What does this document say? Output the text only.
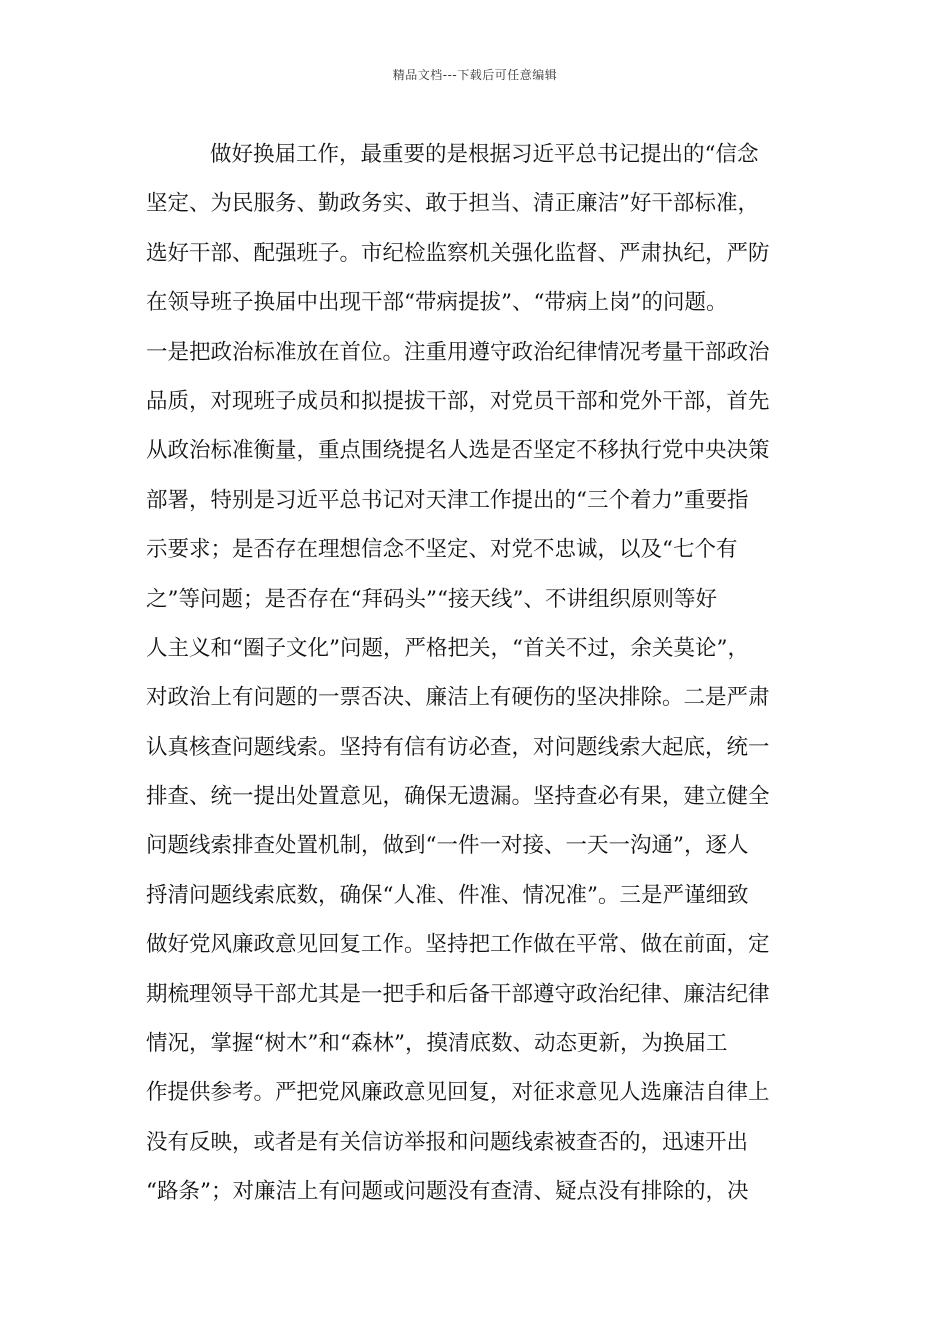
精品文档---下载后可任意编辑
做好换届工作，最重要的是根据习近平总书记提出的“信念
坚定、为民服务、勤政务实、敢于担当、清正廉洁”好干部标准，
选好干部、配强班子。市纪检监察机关强化监督、严肃执纪，严防
在领导班子换届中出现干部“带病提拔”、“带病上岗”的问题。
一是把政治标准放在首位。注重用遵守政治纪律情况考量干部政治
品质，对现班子成员和拟提拔干部，对党员干部和党外干部，首先
从政治标准衡量，重点围绕提名人选是否坚定不移执行党中央决策
部署，特别是习近平总书记对天津工作提出的“三个着力”重要指
示要求；是否存在理想信念不坚定、对党不忠诚，以及“七个有
之”等问题；是否存在“拜码头”“接天线”、不讲组织原则等好
人主义和“圈子文化”问题，严格把关，“首关不过，余关莫论”，
对政治上有问题的一票否决、廉洁上有硬伤的坚决排除。二是严肃
认真核查问题线索。坚持有信有访必查，对问题线索大起底，统一
排查、统一提出处置意见，确保无遗漏。坚持查必有果，建立健全
问题线索排查处置机制，做到“一件一对接、一天一沟通”，逐人
捋清问题线索底数，确保“人准、件准、情况准”。三是严谨细致
做好党风廉政意见回复工作。坚持把工作做在平常、做在前面，定
期梳理领导干部尤其是一把手和后备干部遵守政治纪律、廉洁纪律
情况，掌握“树木”和“森林”，摸清底数、动态更新，为换届工
作提供参考。严把党风廉政意见回复，对征求意见人选廉洁自律上
没有反映，或者是有关信访举报和问题线索被查否的，迅速开出
“路条”；对廉洁上有问题或问题没有查清、疑点没有排除的，决
